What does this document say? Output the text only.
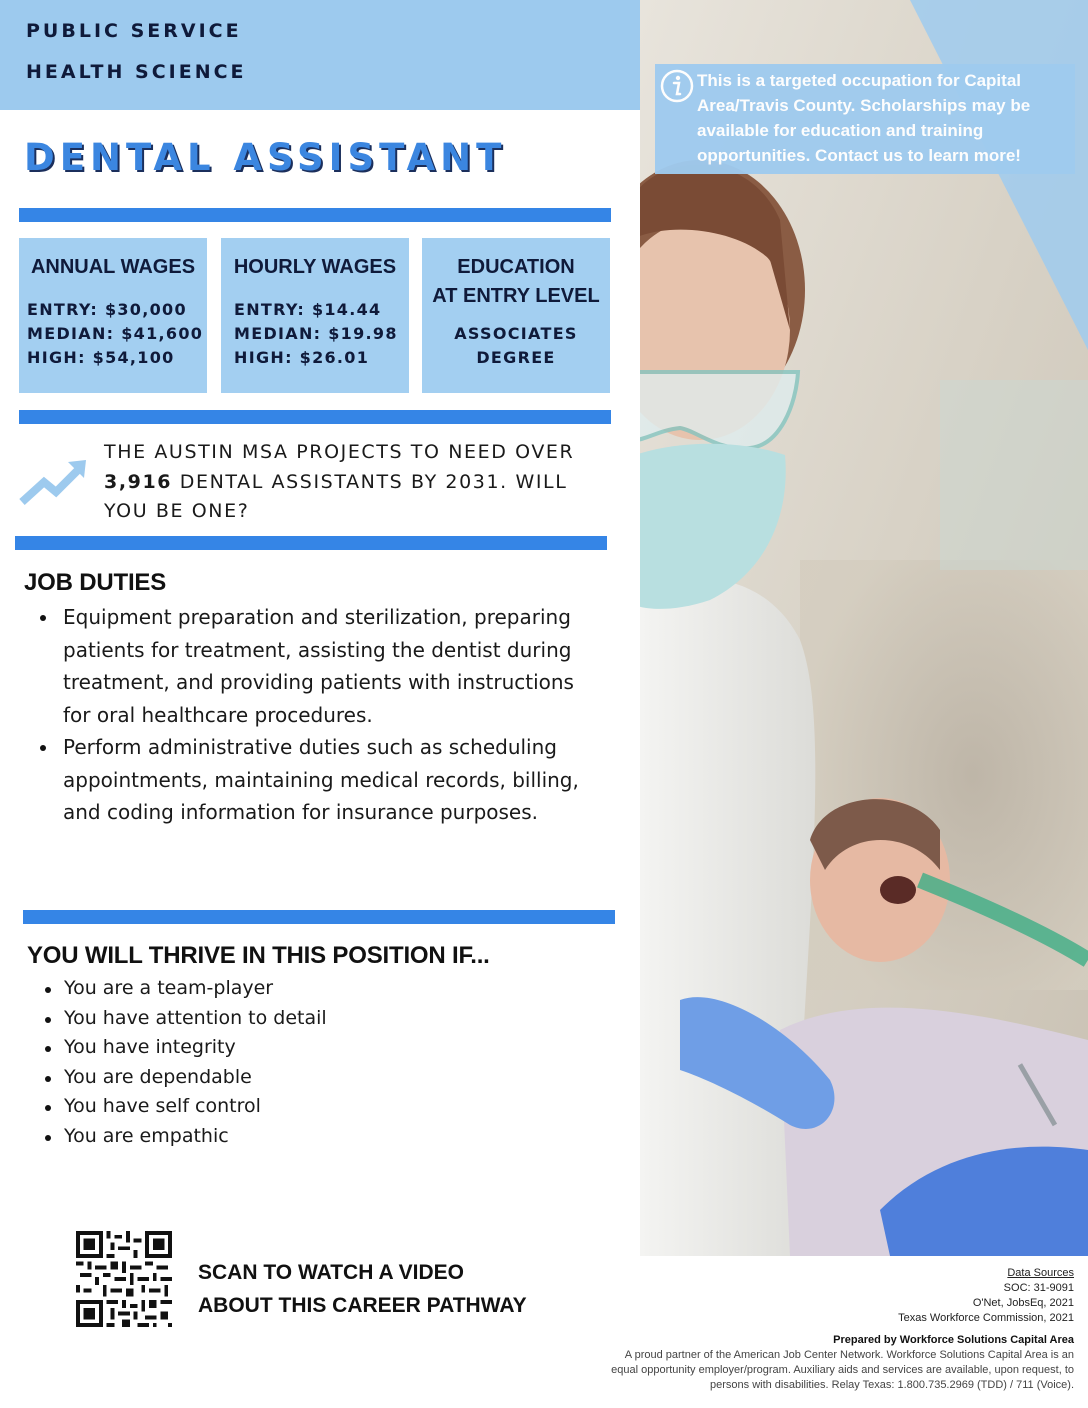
PUBLIC SERVICE
HEALTH SCIENCE
DENTAL ASSISTANT
ANNUAL WAGES
ENTRY: $30,000
MEDIAN: $41,600
HIGH: $54,100
HOURLY WAGES
ENTRY: $14.44
MEDIAN: $19.98
HIGH: $26.01
EDUCATION
AT ENTRY LEVEL
ASSOCIATES
DEGREE

THE AUSTIN MSA PROJECTS TO NEED OVER 3,916 DENTAL ASSISTANTS BY 2031. WILL YOU BE ONE?

JOB DUTIES
Equipment preparation and sterilization, preparing patients for treatment, assisting the dentist during treatment, and providing patients with instructions for oral healthcare procedures.
Perform administrative duties such as scheduling appointments, maintaining medical records, billing, and coding information for insurance purposes.
YOU WILL THRIVE IN THIS POSITION IF...
You are a team-player
You have attention to detail
You have integrity
You are dependable
You have self control
You are empathic
SCAN TO WATCH A VIDEO
ABOUT THIS CAREER PATHWAY

This is a targeted occupation for Capital Area/Travis County. Scholarships may be available for education and training opportunities. Contact us to learn more!

Data Sources
SOC: 31-9091
O'Net, JobsEq, 2021
Texas Workforce Commission, 2021
Prepared by Workforce Solutions Capital Area
A proud partner of the American Job Center Network. Workforce Solutions Capital Area is an equal opportunity employer/program. Auxiliary aids and services are available, upon request, to persons with disabilities. Relay Texas: 1.800.735.2969 (TDD) / 711 (Voice).
